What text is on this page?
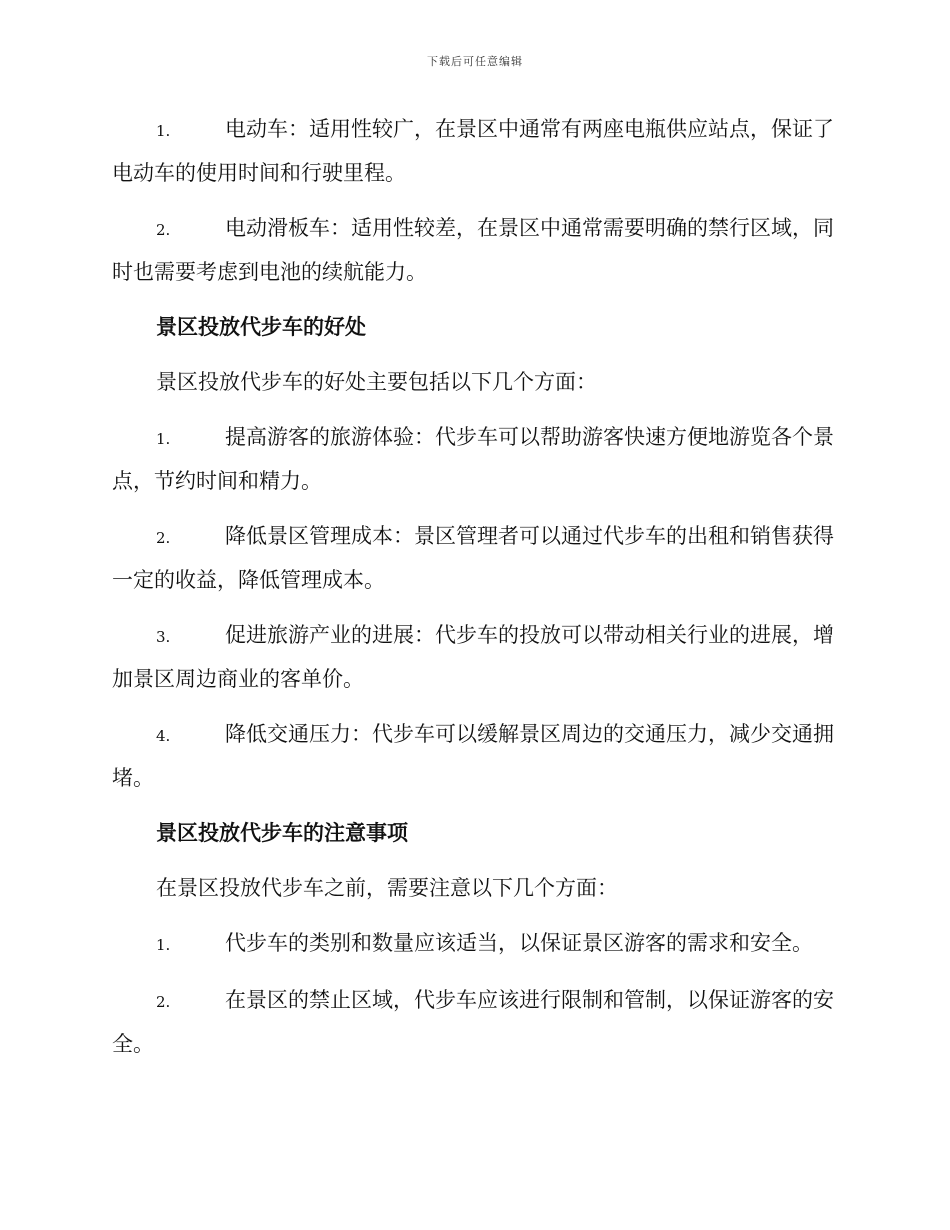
下载后可任意编辑

1.	电动车：适用性较广，在景区中通常有两座电瓶供应站点，保证了电动车的使用时间和行驶里程。

2.	电动滑板车：适用性较差，在景区中通常需要明确的禁行区域，同时也需要考虑到电池的续航能力。

景区投放代步车的好处

景区投放代步车的好处主要包括以下几个方面：

1.	提高游客的旅游体验：代步车可以帮助游客快速方便地游览各个景点，节约时间和精力。

2.	降低景区管理成本：景区管理者可以通过代步车的出租和销售获得一定的收益，降低管理成本。

3.	促进旅游产业的进展：代步车的投放可以带动相关行业的进展，增加景区周边商业的客单价。

4.	降低交通压力：代步车可以缓解景区周边的交通压力，减少交通拥堵。

景区投放代步车的注意事项

在景区投放代步车之前，需要注意以下几个方面：

1.	代步车的类别和数量应该适当，以保证景区游客的需求和安全。

2.	在景区的禁止区域，代步车应该进行限制和管制，以保证游客的安全。
